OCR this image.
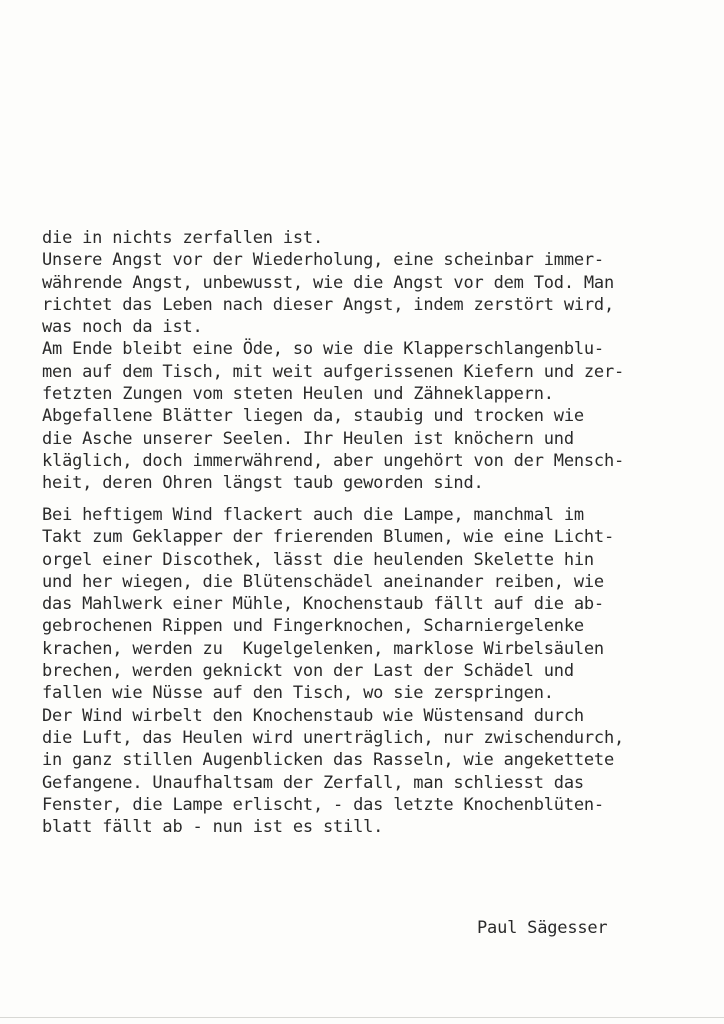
die in nichts zerfallen ist.
Unsere Angst vor der Wiederholung, eine scheinbar immer-
währende Angst, unbewusst, wie die Angst vor dem Tod. Man
richtet das Leben nach dieser Angst, indem zerstört wird,
was noch da ist.
Am Ende bleibt eine Öde, so wie die Klapperschlangenblu-
men auf dem Tisch, mit weit aufgerissenen Kiefern und zer-
fetzten Zungen vom steten Heulen und Zähneklappern.
Abgefallene Blätter liegen da, staubig und trocken wie
die Asche unserer Seelen. Ihr Heulen ist knöchern und
kläglich, doch immerwährend, aber ungehört von der Mensch-
heit, deren Ohren längst taub geworden sind.
Bei heftigem Wind flackert auch die Lampe, manchmal im
Takt zum Geklapper der frierenden Blumen, wie eine Licht-
orgel einer Discothek, lässt die heulenden Skelette hin
und her wiegen, die Blütenschädel aneinander reiben, wie
das Mahlwerk einer Mühle, Knochenstaub fällt auf die ab-
gebrochenen Rippen und Fingerknochen, Scharniergelenke
krachen, werden zu  Kugelgelenken, marklose Wirbelsäulen
brechen, werden geknickt von der Last der Schädel und
fallen wie Nüsse auf den Tisch, wo sie zerspringen.
Der Wind wirbelt den Knochenstaub wie Wüstensand durch
die Luft, das Heulen wird unerträglich, nur zwischendurch,
in ganz stillen Augenblicken das Rasseln, wie angekettete
Gefangene. Unaufhaltsam der Zerfall, man schliesst das
Fenster, die Lampe erlischt, - das letzte Knochenblüten-
blatt fällt ab - nun ist es still.
Paul Sägesser
